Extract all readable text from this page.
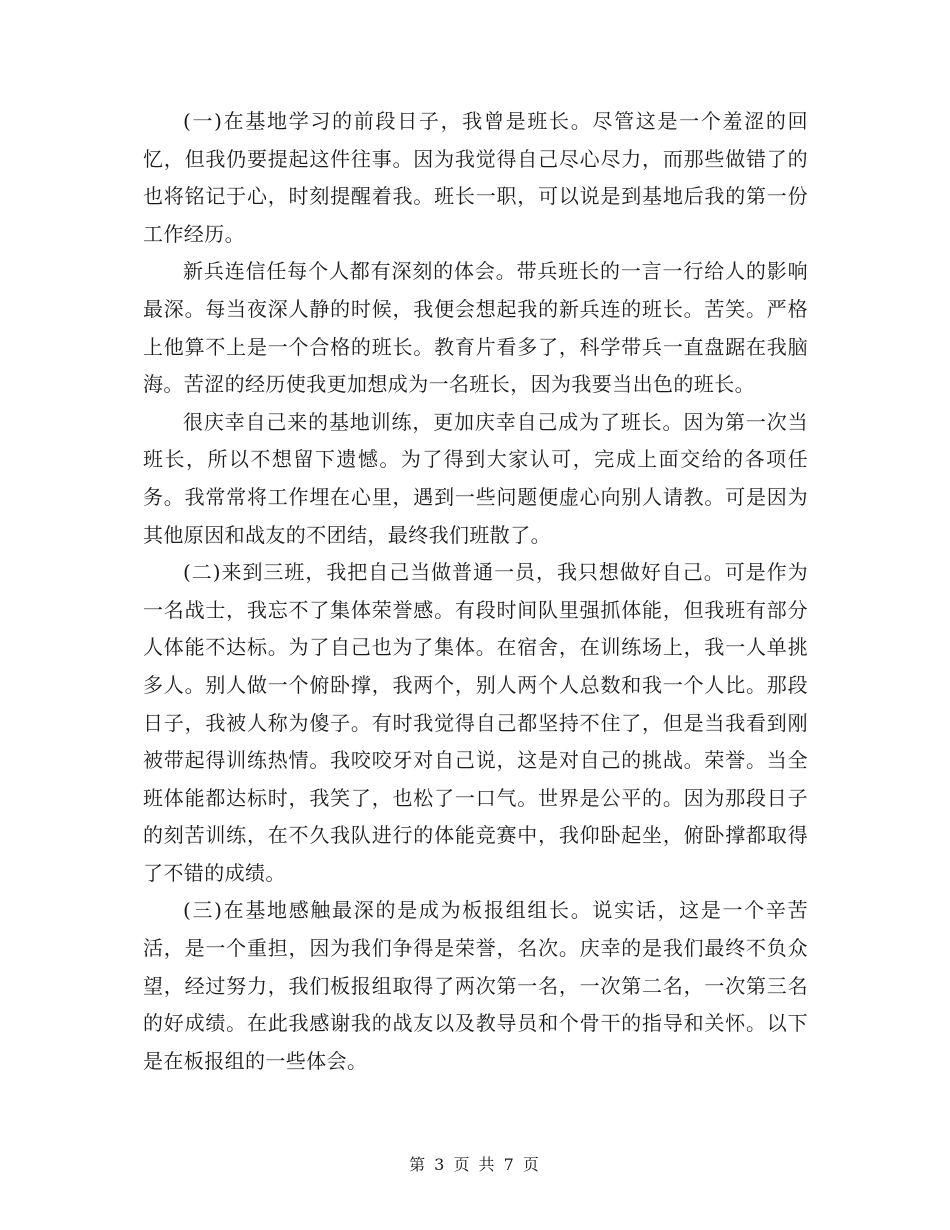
(一)在基地学习的前段日子，我曾是班长。尽管这是一个羞涩的回忆，但我仍要提起这件往事。因为我觉得自己尽心尽力，而那些做错了的也将铭记于心，时刻提醒着我。班长一职，可以说是到基地后我的第一份工作经历。

新兵连信任每个人都有深刻的体会。带兵班长的一言一行给人的影响最深。每当夜深人静的时候，我便会想起我的新兵连的班长。苦笑。严格上他算不上是一个合格的班长。教育片看多了，科学带兵一直盘踞在我脑海。苦涩的经历使我更加想成为一名班长，因为我要当出色的班长。

很庆幸自己来的基地训练，更加庆幸自己成为了班长。因为第一次当班长，所以不想留下遗憾。为了得到大家认可，完成上面交给的各项任务。我常常将工作埋在心里，遇到一些问题便虚心向别人请教。可是因为其他原因和战友的不团结，最终我们班散了。

(二)来到三班，我把自己当做普通一员，我只想做好自己。可是作为一名战士，我忘不了集体荣誉感。有段时间队里强抓体能，但我班有部分人体能不达标。为了自己也为了集体。在宿舍，在训练场上，我一人单挑多人。别人做一个俯卧撑，我两个，别人两个人总数和我一个人比。那段日子，我被人称为傻子。有时我觉得自己都坚持不住了，但是当我看到刚被带起得训练热情。我咬咬牙对自己说，这是对自己的挑战。荣誉。当全班体能都达标时，我笑了，也松了一口气。世界是公平的。因为那段日子的刻苦训练，在不久我队进行的体能竞赛中，我仰卧起坐，俯卧撑都取得了不错的成绩。

(三)在基地感触最深的是成为板报组组长。说实话，这是一个辛苦活，是一个重担，因为我们争得是荣誉，名次。庆幸的是我们最终不负众望，经过努力，我们板报组取得了两次第一名，一次第二名，一次第三名的好成绩。在此我感谢我的战友以及教导员和个骨干的指导和关怀。以下是在板报组的一些体会。

第 3 页 共 7 页
